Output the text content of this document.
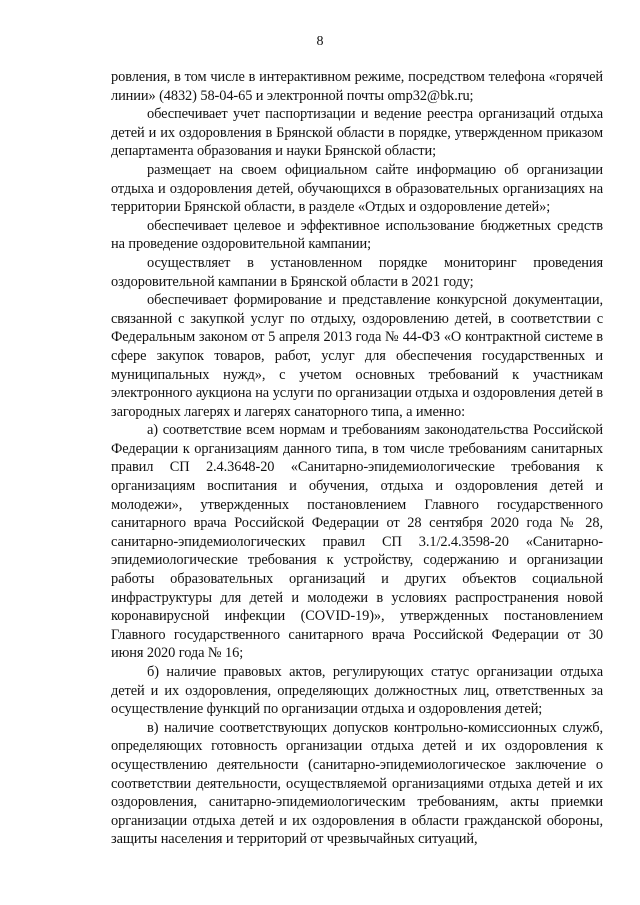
8

ровления, в том числе в интерактивном режиме, посредством телефона «горячей линии» (4832) 58-04-65 и электронной почты omp32@bk.ru;

обеспечивает учет паспортизации и ведение реестра организаций отдыха детей и их оздоровления в Брянской области в порядке, утвержденном приказом департамента образования и науки Брянской области;

размещает на своем официальном сайте информацию об организации отдыха и оздоровления детей, обучающихся в образовательных организациях на территории Брянской области, в разделе «Отдых и оздоровление детей»;

обеспечивает целевое и эффективное использование бюджетных средств на проведение оздоровительной кампании;

осуществляет в установленном порядке мониторинг проведения оздоровительной кампании в Брянской области в 2021 году;

обеспечивает формирование и представление конкурсной документации, связанной с закупкой услуг по отдыху, оздоровлению детей, в соответствии с Федеральным законом от 5 апреля 2013 года № 44-ФЗ «О контрактной системе в сфере закупок товаров, работ, услуг для обеспечения государственных и муниципальных нужд», с учетом основных требований к участникам электронного аукциона на услуги по организации отдыха и оздоровления детей в загородных лагерях и лагерях санаторного типа, а именно:

а) соответствие всем нормам и требованиям законодательства Российской Федерации к организациям данного типа, в том числе требованиям санитарных правил СП 2.4.3648-20 «Санитарно-эпидемиологические требования к организациям воспитания и обучения, отдыха и оздоровления детей и молодежи», утвержденных постановлением Главного государственного санитарного врача Российской Федерации от 28 сентября 2020 года № 28, санитарно-эпидемиологических правил СП 3.1/2.4.3598-20 «Санитарно-эпидемиологические требования к устройству, содержанию и организации работы образовательных организаций и других объектов социальной инфраструктуры для детей и молодежи в условиях распространения новой коронавирусной инфекции (COVID-19)», утвержденных постановлением Главного государственного санитарного врача Российской Федерации от 30 июня 2020 года № 16;

б) наличие правовых актов, регулирующих статус организации отдыха детей и их оздоровления, определяющих должностных лиц, ответственных за осуществление функций по организации отдыха и оздоровления детей;

в) наличие соответствующих допусков контрольно-комиссионных служб, определяющих готовность организации отдыха детей и их оздоровления к осуществлению деятельности (санитарно-эпидемиологическое заключение о соответствии деятельности, осуществляемой организациями отдыха детей и их оздоровления, санитарно-эпидемиологическим требованиям, акты приемки организации отдыха детей и их оздоровления в области гражданской обороны, защиты населения и территорий от чрезвычайных ситуаций,
